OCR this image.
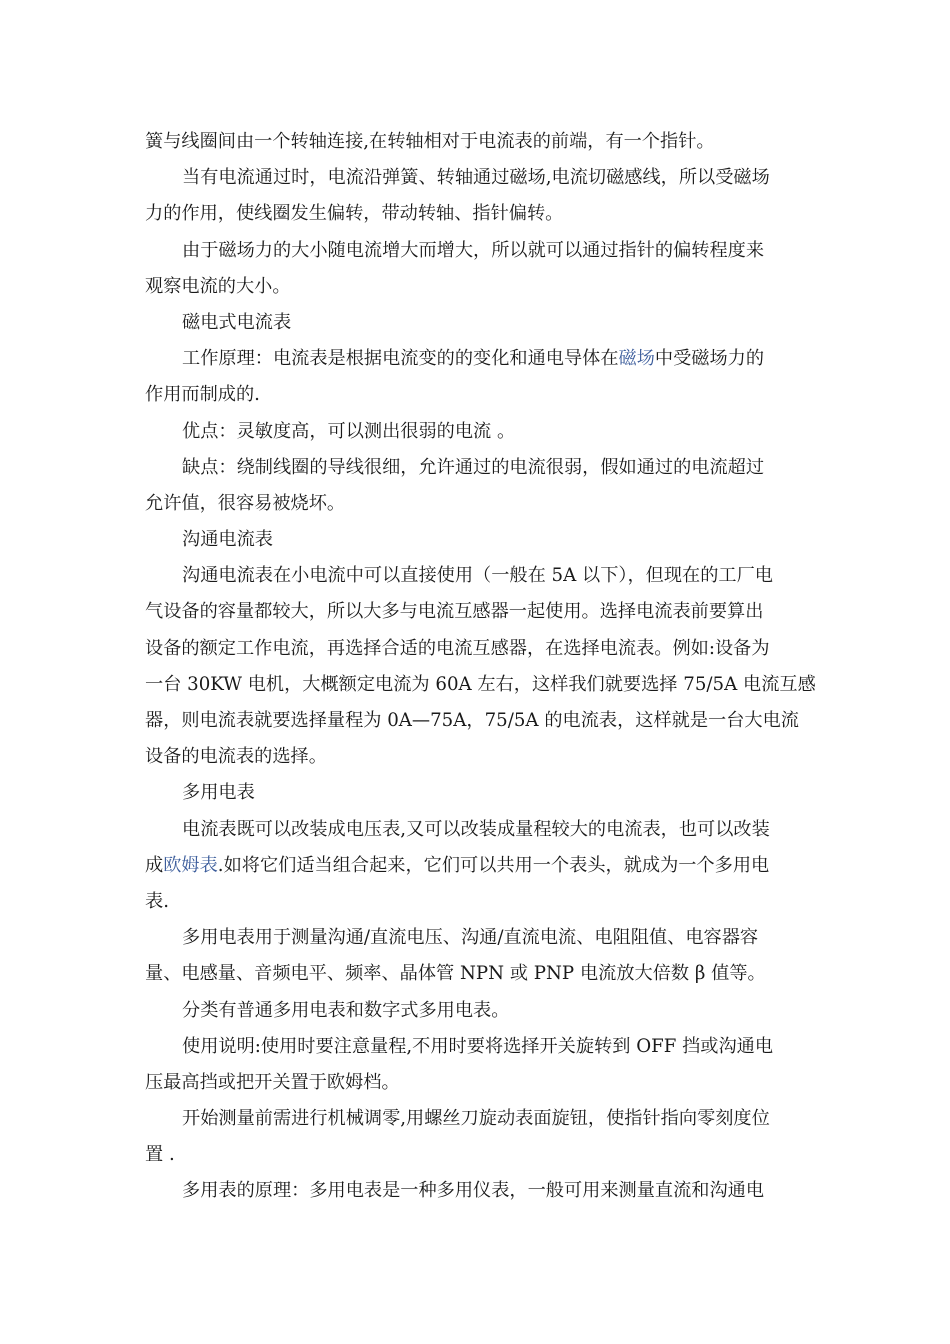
簧与线圈间由一个转轴连接,在转轴相对于电流表的前端，有一个指针。
当有电流通过时，电流沿弹簧、转轴通过磁场,电流切磁感线，所以受磁场
力的作用，使线圈发生偏转，带动转轴、指针偏转。
由于磁场力的大小随电流增大而增大，所以就可以通过指针的偏转程度来
观察电流的大小。
磁电式电流表
工作原理：电流表是根据电流变的的变化和通电导体在磁场中受磁场力的
作用而制成的.
优点：灵敏度高，可以测出很弱的电流 。
缺点：绕制线圈的导线很细，允许通过的电流很弱，假如通过的电流超过
允许值，很容易被烧坏。
沟通电流表
沟通电流表在小电流中可以直接使用（一般在 5A 以下），但现在的工厂电
气设备的容量都较大，所以大多与电流互感器一起使用。选择电流表前要算出
设备的额定工作电流，再选择合适的电流互感器，在选择电流表。例如:设备为
一台 30KW 电机，大概额定电流为 60A 左右，这样我们就要选择 75/5A 电流互感
器，则电流表就要选择量程为 0A—75A，75/5A 的电流表，这样就是一台大电流
设备的电流表的选择。
多用电表
电流表既可以改装成电压表,又可以改装成量程较大的电流表，也可以改装
成欧姆表.如将它们适当组合起来，它们可以共用一个表头，就成为一个多用电
表.
多用电表用于测量沟通/直流电压、沟通/直流电流、电阻阻值、电容器容
量、电感量、音频电平、频率、晶体管 NPN 或 PNP 电流放大倍数 β 值等。
分类有普通多用电表和数字式多用电表。
使用说明:使用时要注意量程,不用时要将选择开关旋转到 OFF 挡或沟通电
压最高挡或把开关置于欧姆档。
开始测量前需进行机械调零,用螺丝刀旋动表面旋钮，使指针指向零刻度位
置 .
多用表的原理：多用电表是一种多用仪表，一般可用来测量直流和沟通电
